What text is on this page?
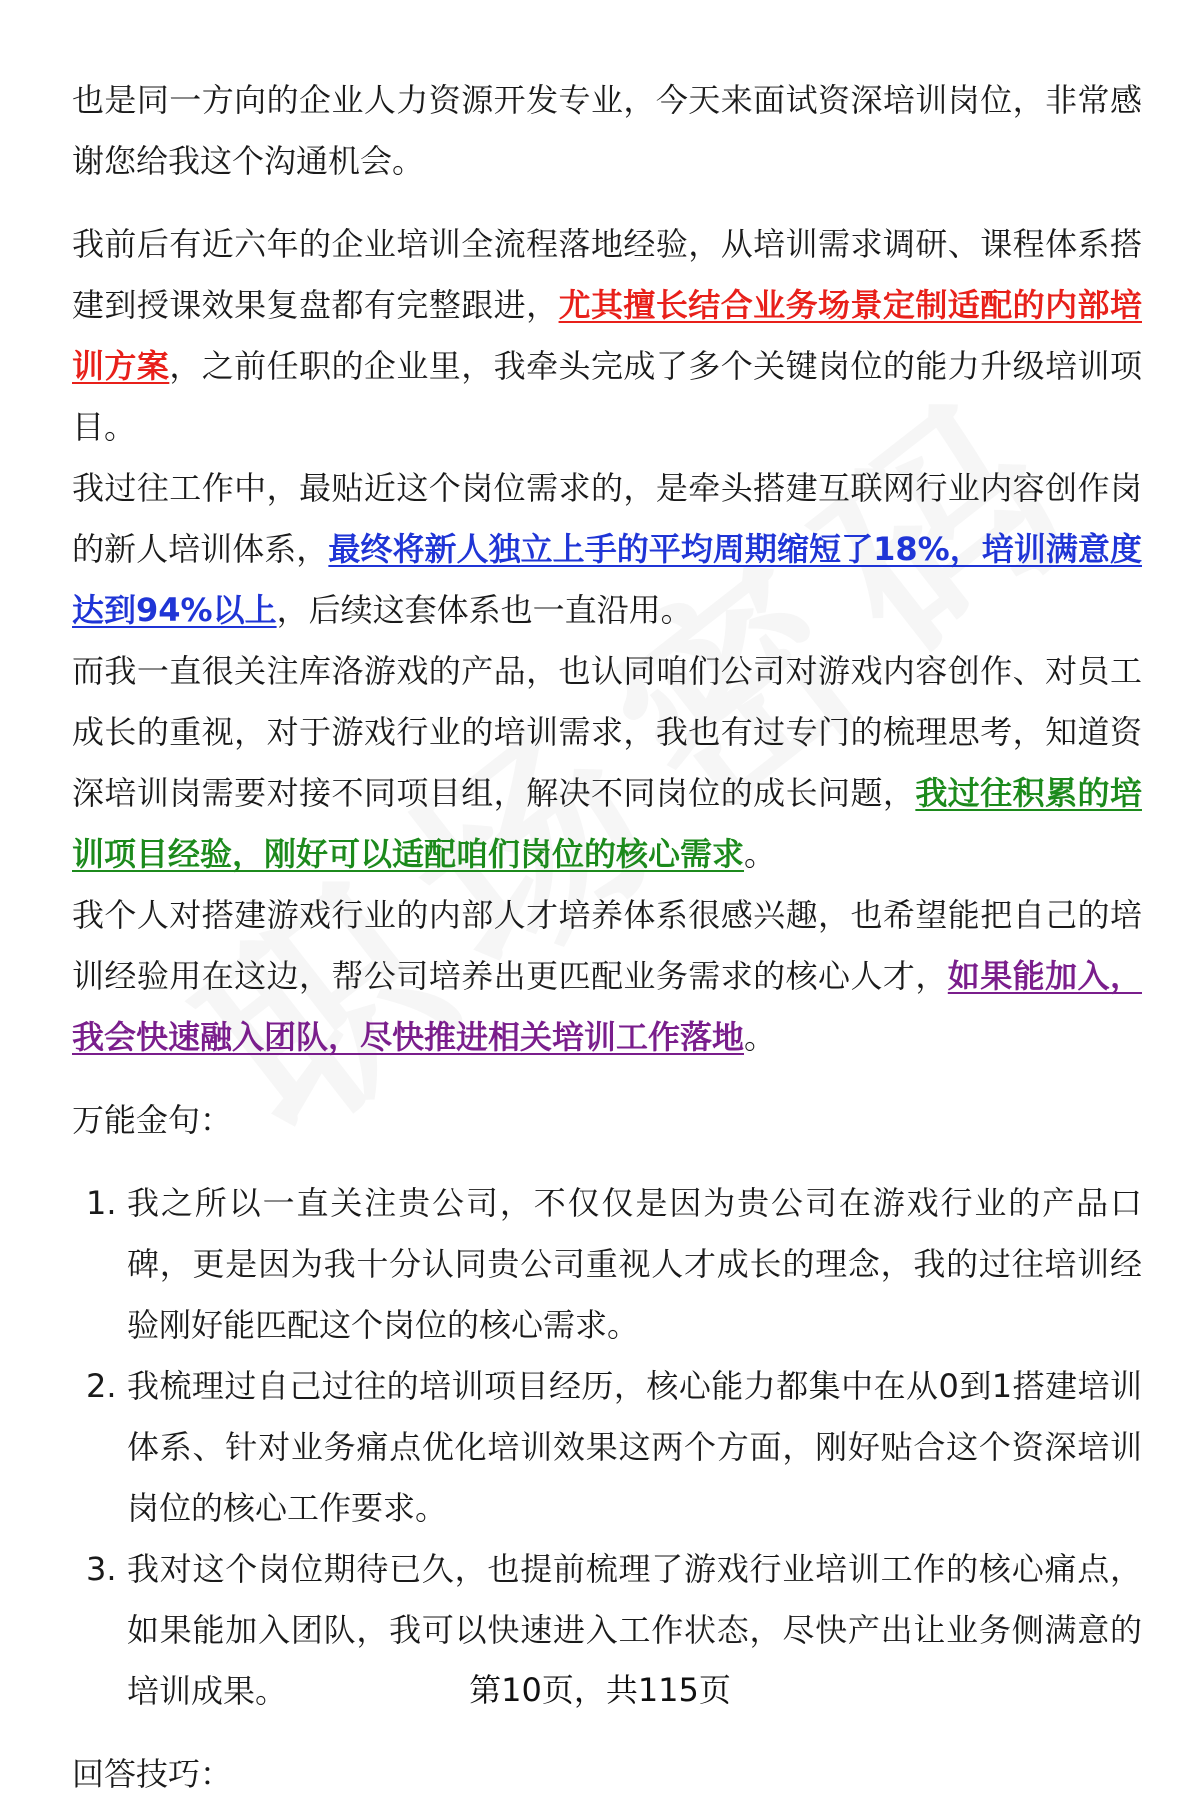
也是同一方向的企业人力资源开发专业，今天来面试资深培训岗位，非常感谢您给我这个沟通机会。

我前后有近六年的企业培训全流程落地经验，从培训需求调研、课程体系搭建到授课效果复盘都有完整跟进，尤其擅长结合业务场景定制适配的内部培训方案，之前任职的企业里，我牵头完成了多个关键岗位的能力升级培训项目。

我过往工作中，最贴近这个岗位需求的，是牵头搭建互联网行业内容创作岗的新人培训体系，最终将新人独立上手的平均周期缩短了18%，培训满意度达到94%以上，后续这套体系也一直沿用。

而我一直很关注库洛游戏的产品，也认同咱们公司对游戏内容创作、对员工成长的重视，对于游戏行业的培训需求，我也有过专门的梳理思考，知道资深培训岗需要对接不同项目组，解决不同岗位的成长问题，我过往积累的培训项目经验，刚好可以适配咱们岗位的核心需求。

我个人对搭建游戏行业的内部人才培养体系很感兴趣，也希望能把自己的培训经验用在这边，帮公司培养出更匹配业务需求的核心人才，如果能加入，我会快速融入团队，尽快推进相关培训工作落地。

万能金句：

1. 我之所以一直关注贵公司，不仅仅是因为贵公司在游戏行业的产品口碑，更是因为我十分认同贵公司重视人才成长的理念，我的过往培训经验刚好能匹配这个岗位的核心需求。
2. 我梳理过自己过往的培训项目经历，核心能力都集中在从0到1搭建培训体系、针对业务痛点优化培训效果这两个方面，刚好贴合这个资深培训岗位的核心工作要求。
3. 我对这个岗位期待已久，也提前梳理了游戏行业培训工作的核心痛点，如果能加入团队，我可以快速进入工作状态，尽快产出让业务侧满意的培训成果。

回答技巧：

第10页，共115页
